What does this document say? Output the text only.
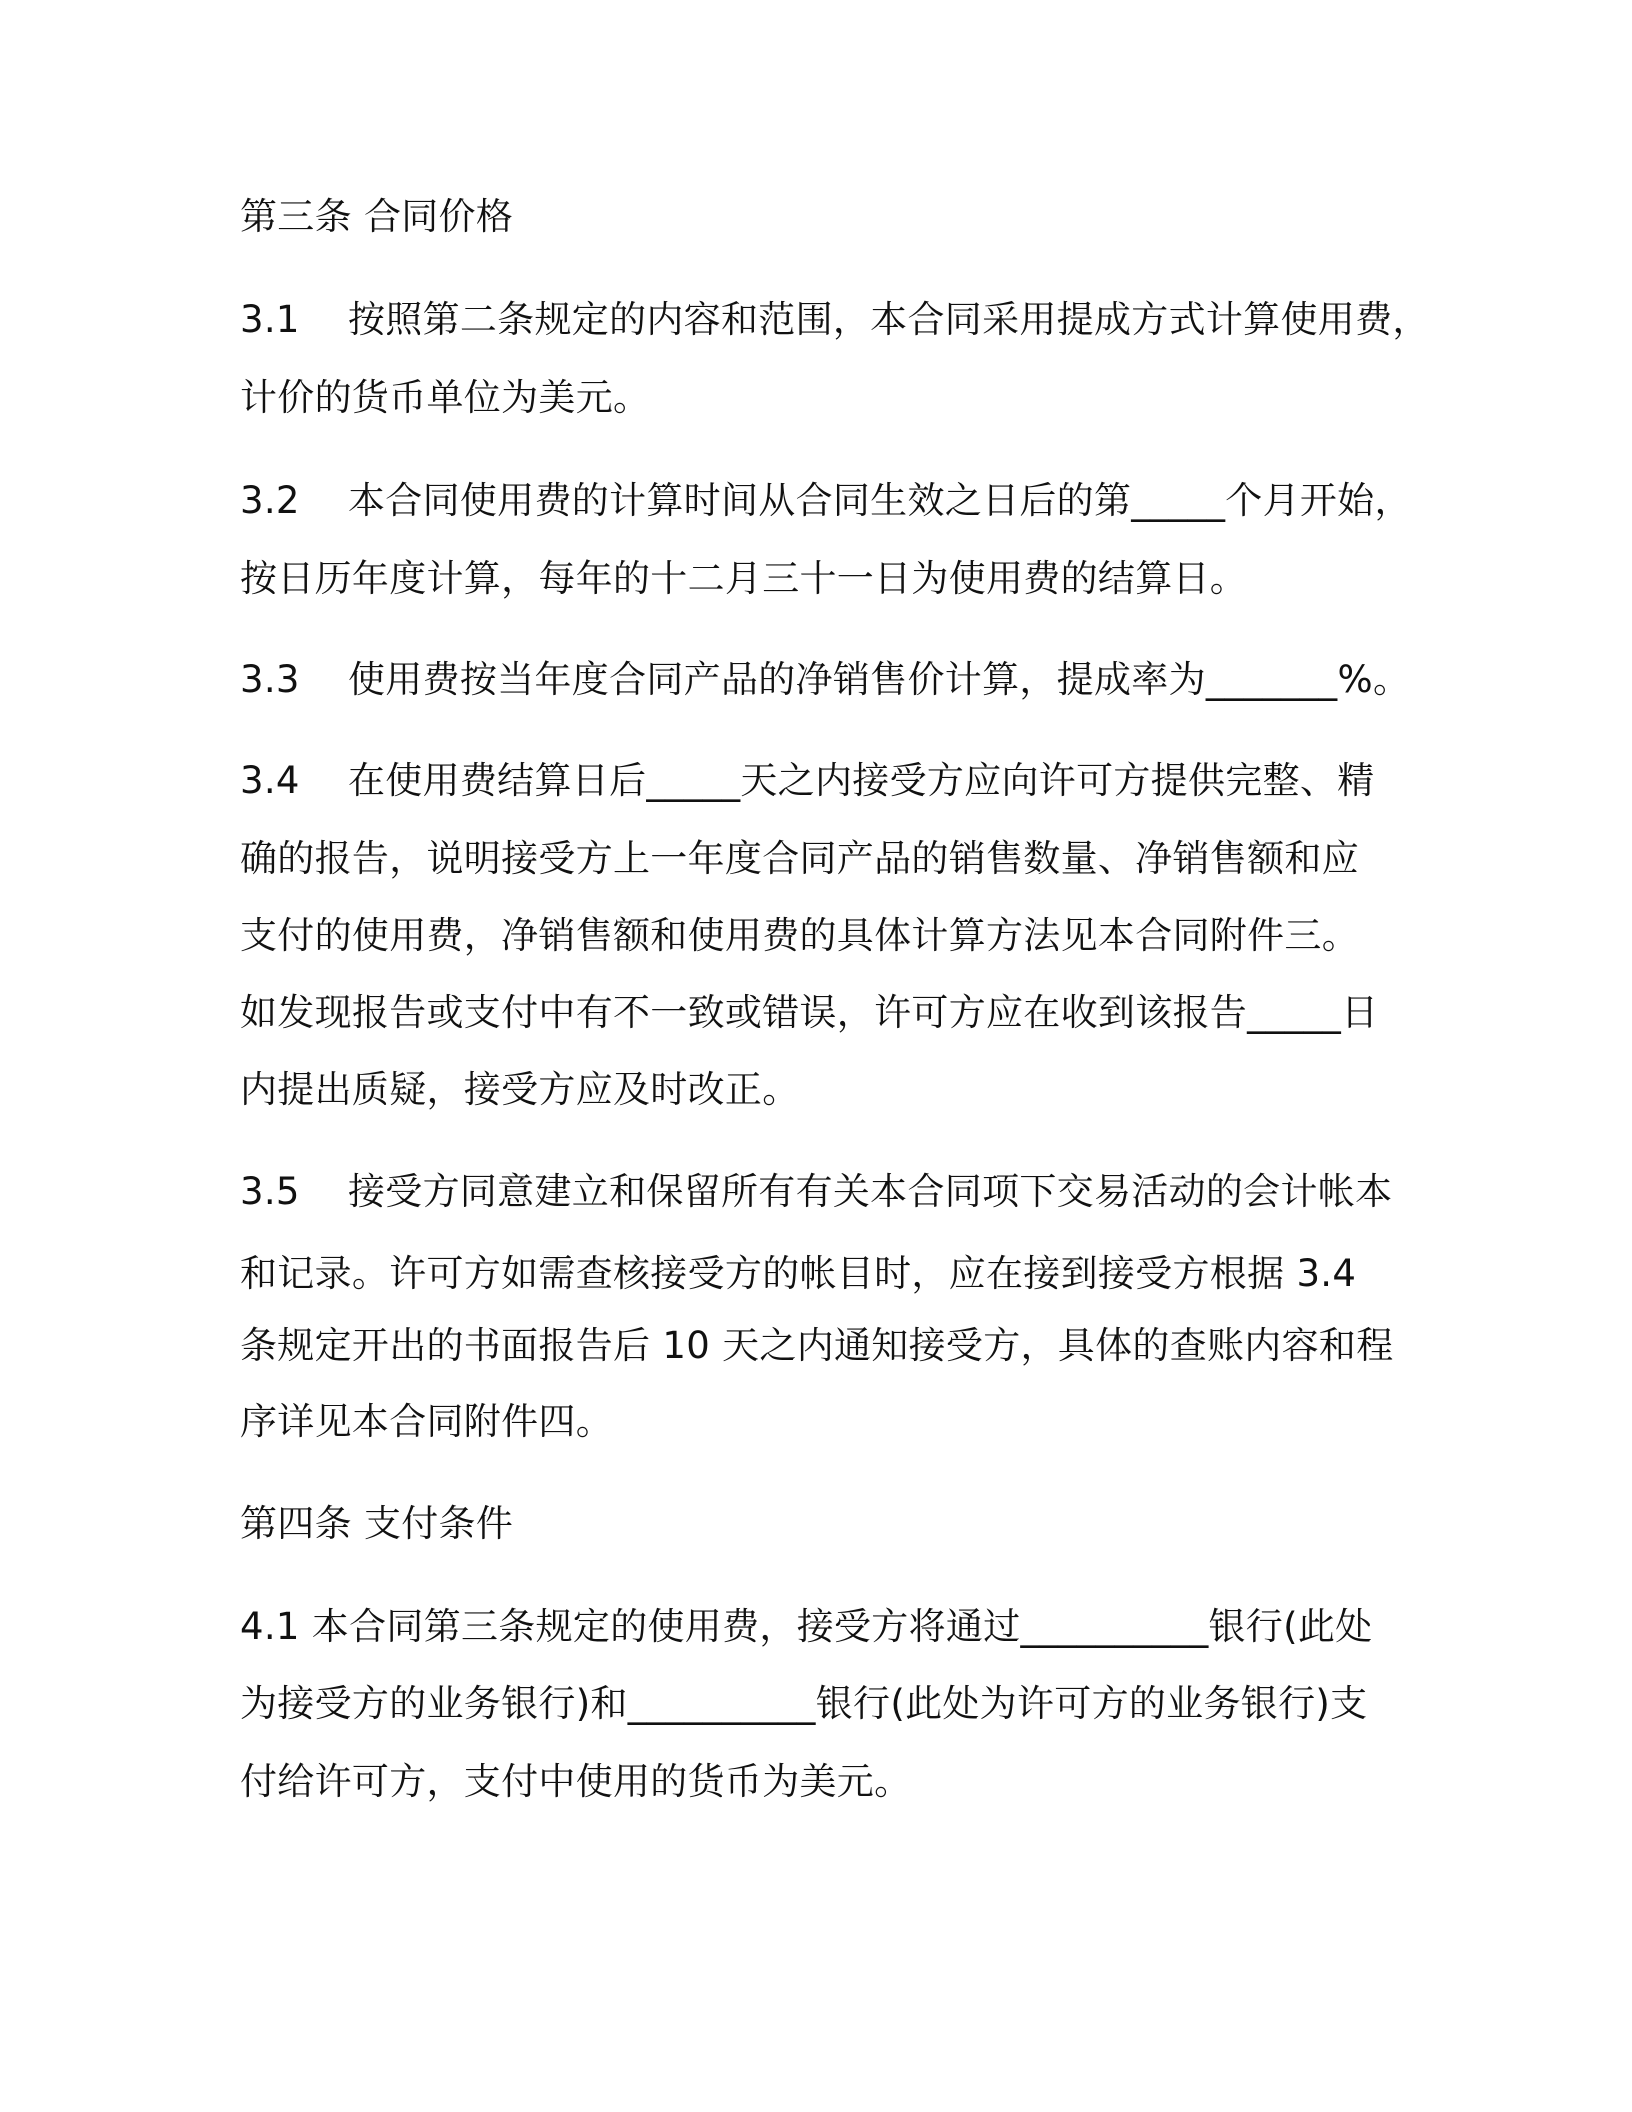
第三条 合同价格
3.1    按照第二条规定的内容和范围，本合同采用提成方式计算使用费，
计价的货币单位为美元。
3.2    本合同使用费的计算时间从合同生效之日后的第_____个月开始，
按日历年度计算，每年的十二月三十一日为使用费的结算日。
3.3    使用费按当年度合同产品的净销售价计算，提成率为_______%。
3.4    在使用费结算日后_____天之内接受方应向许可方提供完整、精
确的报告，说明接受方上一年度合同产品的销售数量、净销售额和应
支付的使用费，净销售额和使用费的具体计算方法见本合同附件三。
如发现报告或支付中有不一致或错误，许可方应在收到该报告_____日
内提出质疑，接受方应及时改正。
3.5    接受方同意建立和保留所有有关本合同项下交易活动的会计帐本
和记录。许可方如需查核接受方的帐目时，应在接到接受方根据 3.4
条规定开出的书面报告后 10 天之内通知接受方，具体的查账内容和程
序详见本合同附件四。
第四条 支付条件
4.1 本合同第三条规定的使用费，接受方将通过__________银行(此处
为接受方的业务银行)和__________银行(此处为许可方的业务银行)支
付给许可方，支付中使用的货币为美元。
